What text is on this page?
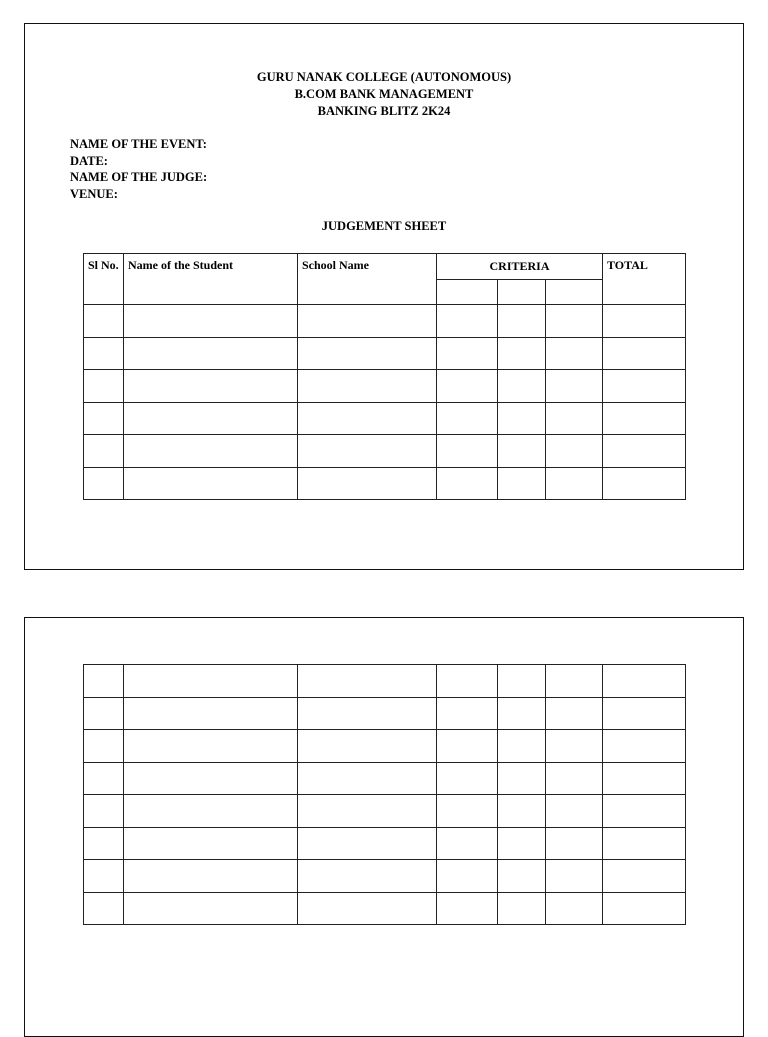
GURU NANAK COLLEGE (AUTONOMOUS)
B.COM BANK MANAGEMENT
BANKING BLITZ 2K24
NAME OF THE EVENT:
DATE:
NAME OF THE JUDGE:
VENUE:
JUDGEMENT SHEET
Sl No.	Name of the Student	School Name	CRITERIA			TOTAL
